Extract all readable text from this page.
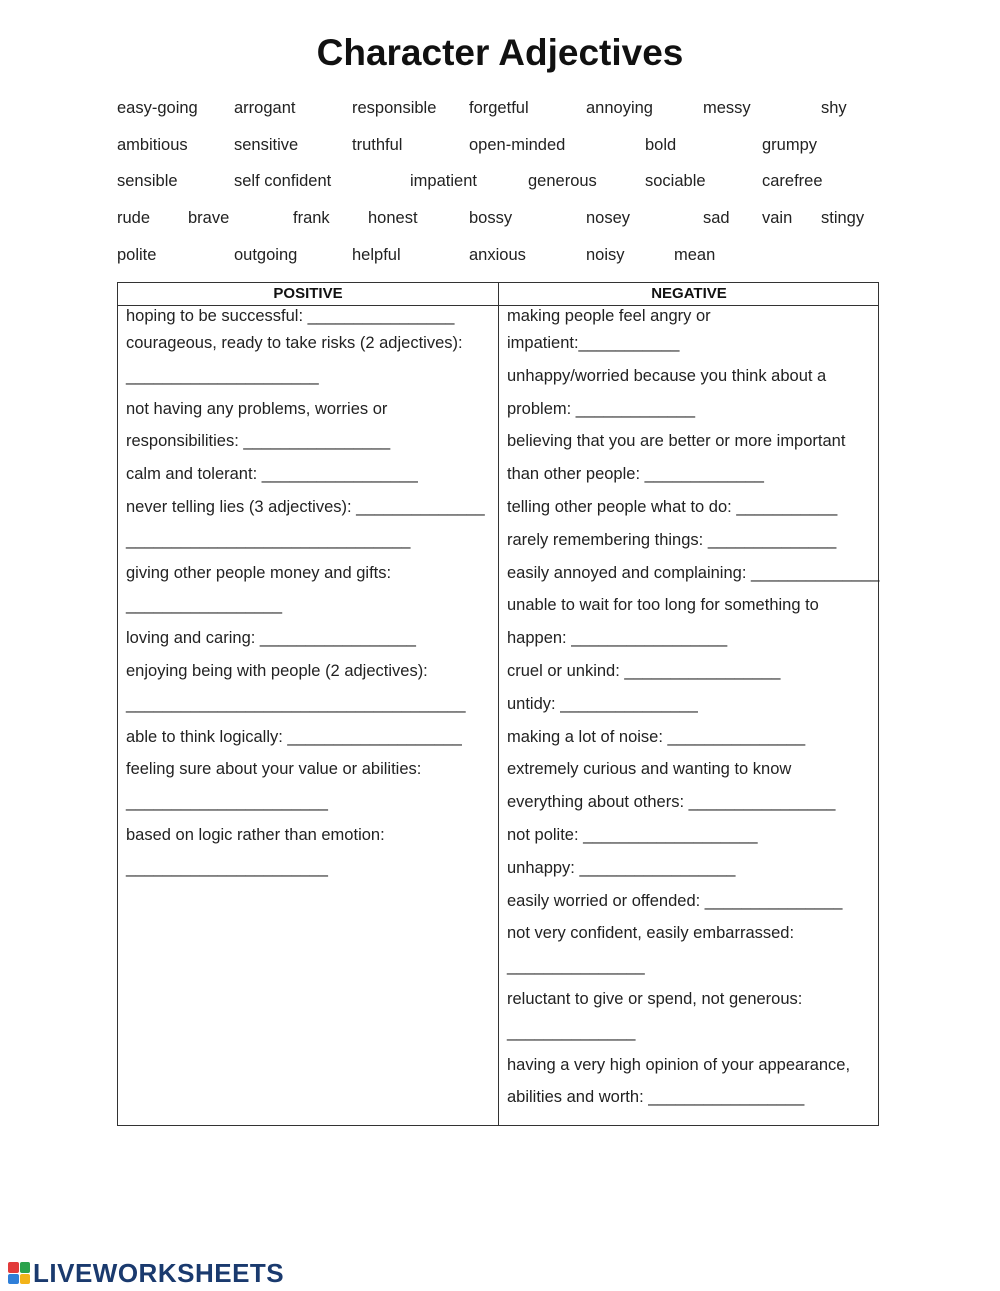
Character Adjectives
easy-going arrogant	responsible forgetful	annoying	messy	shy
ambitious	sensitive	truthful	open-minded	bold	grumpy
sensible	self confident	impatient	generous	sociable	carefree
rude brave	frank honest	bossy	nosey	sad vain stingy
polite	outgoing	helpful	anxious	noisy	mean
POSITIVE	NEGATIVE
hoping to be successful: ________________
courageous, ready to take risks (2 adjectives):
_____________________
not having any problems, worries or
responsibilities: ________________
calm and tolerant: _________________
never telling lies (3 adjectives): ______________
_______________________________
giving other people money and gifts:
_________________
loving and caring: _________________
enjoying being with people (2 adjectives):
_____________________________________
able to think logically: ___________________
feeling sure about your value or abilities:
______________________
based on logic rather than emotion:
______________________
making people feel angry or
impatient:___________
unhappy/worried because you think about a
problem: _____________
believing that you are better or more important
than other people: _____________
telling other people what to do: ___________
rarely remembering things: ______________
easily annoyed and complaining: ______________
unable to wait for too long for something to
happen: _________________
cruel or unkind: _________________
untidy: _______________
making a lot of noise: _______________
extremely curious and wanting to know
everything about others: ________________
not polite: ___________________
unhappy: _________________
easily worried or offended: _______________
not very confident, easily embarrassed:
_______________
reluctant to give or spend, not generous:
______________
having a very high opinion of your appearance,
abilities and worth: _________________
LIVEWORKSHEETS
